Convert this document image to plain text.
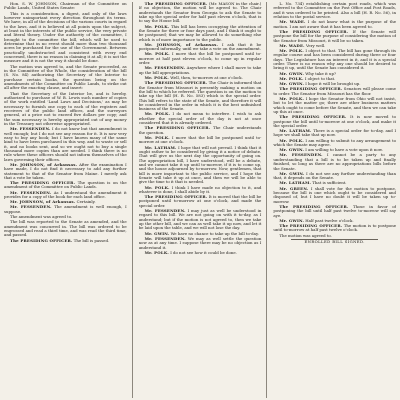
Hon. S. W. JOHNSON, Chairman of the Committee on Public Lands, United States Senate:

This is a consideration, a digest, and only of the laws however unimportant every direction throughout its terms. We have, in all of the decisions of the various courts in regard to the laws, and it is believed at all points upon the subject, at least in the interests of the public service, the very private and literal theory. Under the authority of the committee, I brought to the committee the bill, which will be used to determine that in no event should more than two thousand acres be purchased for the use of the Government. Between practically unobstructed and consistent with every end concerned, there is no reason in claiming it at all; it is not the measure and it is not the way it should be done.

The motion was agreed to, and the Senate proceeded, as in the Committee of the Whole, the consideration of the bill (S. No. 84) authorizing the Secretary of the Interior to purchase certain books, the question being on the amendments of the Committee on Public Lands, to strike out all after the enacting clause, and insert:

That the Secretary of the Interior be, and is hereby, authorized to purchase of W. B. Lewis such number of copies of the work entitled 'Land Laws and Decisions,' as may be necessary to furnish one copy to each of the registers and receivers of the public land offices, and the surveyors general, at a price not to exceed five dollars per copy; and the sum necessary is hereby appropriated out of any money in the Treasury not otherwise appropriated.

Mr. FESSENDEN. I do not know but that amendment is well enough; but I do not see any reason for it. It is now very easy to buy any book; but I have known many of the same kind to have been purchased in this way, and to waste or sell it, and no books sent, and so we ought not to buy a single thousand more copies than are needed. I think there is no rule where these officers should not inform themselves of the laws governing their offices.

Mr. JOHNSON, of Arkansas. After the examination I have made, I do not find it necessary to add any further statement to that of the Senator from Maine. I merely ask that a vote be taken.

The PRESIDING OFFICER. The question is on the amendment of the Committee on Public Lands.

Mr. FESSENDEN. As I understand the amendment it provides for a copy of the book for each land office.

Mr. JOHNSON, of Arkansas. Certainly.

Mr. FESSENDEN. The amendment is well enough, I suppose.

The amendment was agreed to.

The bill was reported to the Senate as amended, and the amendment was concurred in. The bill was ordered to be engrossed and read a third time, and was read the third time, and passed.

The PRESIDING OFFICER. The bill is passed.

The PRESIDING OFFICER. (Mr. MASON in the chair.) If no objection, the motion will be agreed to. The Chair understands the Senator from Georgia to ask the Senate to take up the special order for half past eleven o'clock, that is to say the House bill.

Mr. POLK. This bill has been occupying the attention of the Senate for three or four days past, and I think it ought to be postponed; that we may be allowed to do something else which is of more importance to the public.

Mr. JOHNSON, of Arkansas. I ask that it be postponed informally, until we take a vote on the amendment.

Mr. POLK. I move that the bill be postponed until to-morrow at half past eleven o'clock, to come up in regular order.

Mr. FESSENDEN. Anywhere where I shall move to take up the bill appropriations.

Mr. POLK. Well, then, to-morrow at one o'clock.

The PRESIDING OFFICER. The Chair is informed that the Senator from Missouri is presently making a motion on the bill to which he referred. The question is on the motion to take up the bill (H. R. No. 583) which is the special order. This bill refers to the state of the Senate, and therefore it will be considered in the order in which it is the best unfinished business of the Senate.

Mr. POLK. I do not mean to interfere. I wish to ask whether the special order of the day is not at once considered that it is already ordered.

The PRESIDING OFFICER. The Chair understands the question.

Mr. POLK. I move that the bill be postponed until to-morrow at one o'clock.

Mr. LATHAM. I hope that will not prevail. I think that it ought rather to be considered by giving it a notice of debate. That will give us the next day the opportunity of going on. The appropriation bill, I have understood, will be a debate, and we cannot take it up until to-morrow, if it is to come up, and the house adjourned by to-morrow. Now, gentlemen, that bill is more important to the public service, and I hope the Senate will take it up at once, and then we will be able to give the time to it that is needed.

Mr. POLK. I think I have made no objection to it, and whatever is done, I shall abide by it.

The PRESIDING OFFICER. It is moved that the bill be postponed until to-morrow at one o'clock, and made the special order.

Mr. FESSENDEN. I may just as well be understood in regard to this bill. We are not going on with it to-day, as I understand; but if the motion is not agreed to, then we take up the other bill, and we can as well take it up now, and let it be laid upon the table, and we will not lose the day.

Mr. GWIN. We have no chance to take up the bill to-day.

Mr. FESSENDEN. We may as well settle the question now as at any time. I suppose there may be no objection as I understand it.

Mr. POLK. I do not see how it could be done.

L. No. 734) establishing certain post roads, which was referred to the Committee on the Post Office and Post Roads, and it was ordered to be printed. Also a bill (H. R. No. 56), in relation to the postal service.

Mr. WADE. I do not know what is the purpose of the motion. I am not aware that it has been agreed to.

The PRESIDING OFFICER. If the Senate will postpone the bill for the purpose of considering the motion of the Senator from Missouri, it will be so taken.

Mr. WADE. Very well.

Mr. POLK. I object to that. The bill has gone through its regular course and has been considered during three or four days. The Legislature has an interest in it, and it is a special order. There is no reason why any one should be desired to bring it up, until the Senate has considered it.

Mr. GWIN. Why take it up?

Mr. POLK. I object to that.

Mr. GWIN. I hope it will be brought up.

The PRESIDING OFFICER. Senators will please come to order. The Senator from Missouri has the floor.

Mr. POLK. I hope the Senator from Ohio will not insist, but to let the matter go; there are other business matters which ought to come before the Senate, and then we can take up this at once.

The PRESIDING OFFICER. It is now moved to postpone the bill until to-morrow at one o'clock, and make it the special order.

Mr. LATHAM. There is a special order for to-day, and I hope we shall take that up now.

Mr. POLK. I am willing to submit to any arrangement to which the Senate may agree.

Mr. GWIN. I am willing to have a vote upon it now.

Mr. FESSENDEN. I cannot be a party to any understanding that a bill is to be taken up and finally finished, so long as there are no appropriations bills before the Senate.

Mr. GWIN. I do not see any further understanding than that, it depends on the Senate.

Mr. LATHAM. That is sufficient.

Mr. GREEN. I shall vote for the motion to postpone, because the bill is one which ought to be considered and disposed of, but I have no doubt it will be taken up to-morrow.

The PRESIDING OFFICER. Those in favor of postponing the bill until half past twelve to-morrow will say aye.

Mr. GWIN. Half past twelve o'clock.

The PRESIDING OFFICER. The motion is to postpone until to-morrow at half past twelve o'clock.

The motion was agreed to.

ENROLLED BILL SIGNED.
